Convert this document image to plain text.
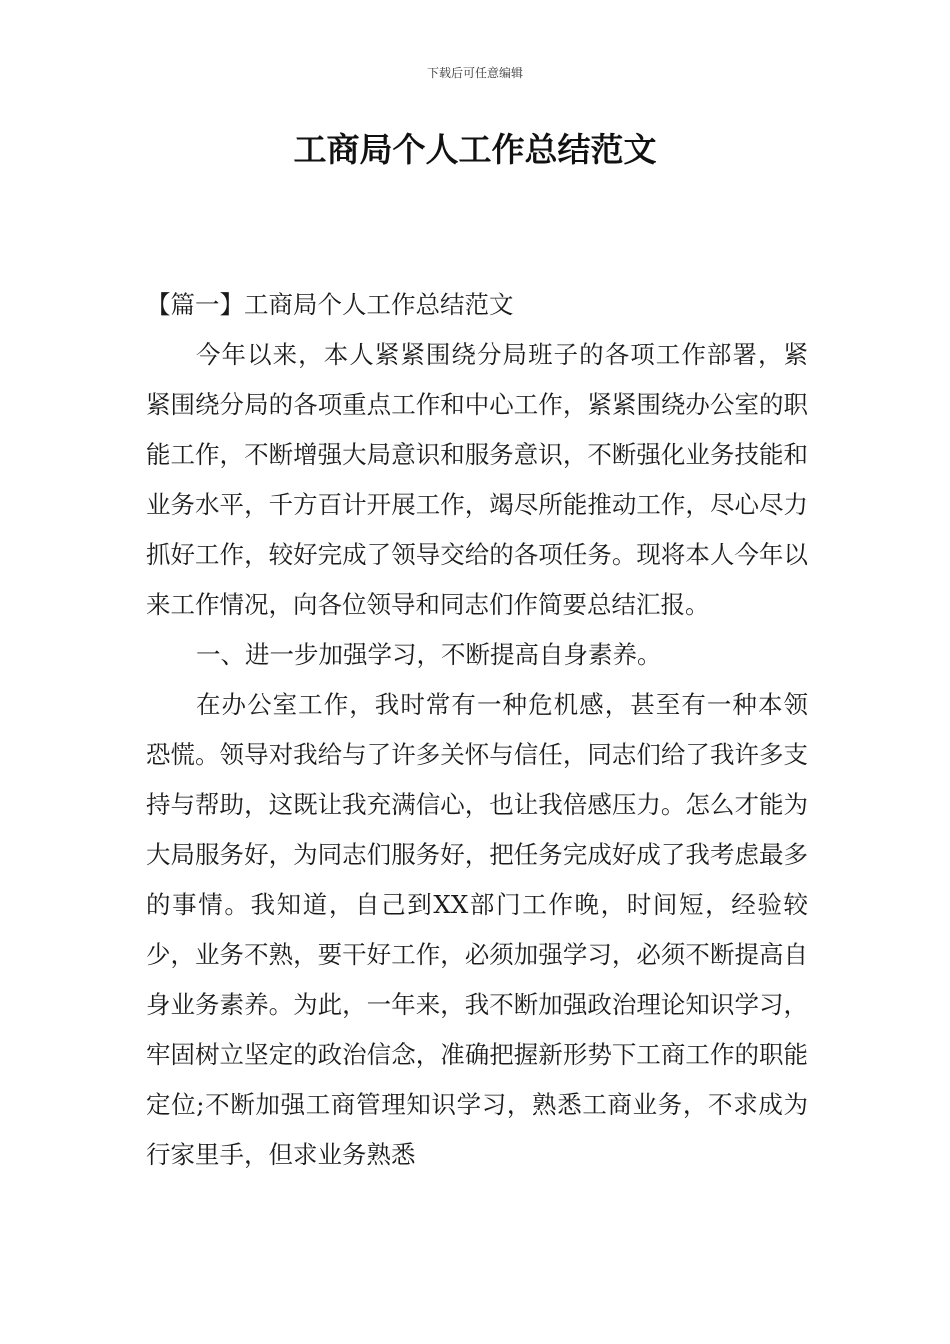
下载后可任意编辑
工商局个人工作总结范文

【篇一】工商局个人工作总结范文

今年以来，本人紧紧围绕分局班子的各项工作部署，紧紧围绕分局的各项重点工作和中心工作，紧紧围绕办公室的职能工作，不断增强大局意识和服务意识，不断强化业务技能和业务水平，千方百计开展工作，竭尽所能推动工作，尽心尽力抓好工作，较好完成了领导交给的各项任务。现将本人今年以来工作情况，向各位领导和同志们作简要总结汇报。

一、进一步加强学习，不断提高自身素养。

在办公室工作，我时常有一种危机感，甚至有一种本领恐慌。领导对我给与了许多关怀与信任，同志们给了我许多支持与帮助，这既让我充满信心，也让我倍感压力。怎么才能为大局服务好，为同志们服务好，把任务完成好成了我考虑最多的事情。我知道，自己到XX部门工作晚，时间短，经验较少，业务不熟，要干好工作，必须加强学习，必须不断提高自身业务素养。为此，一年来，我不断加强政治理论知识学习，牢固树立坚定的政治信念，准确把握新形势下工商工作的职能定位;不断加强工商管理知识学习，熟悉工商业务，不求成为行家里手，但求业务熟悉
